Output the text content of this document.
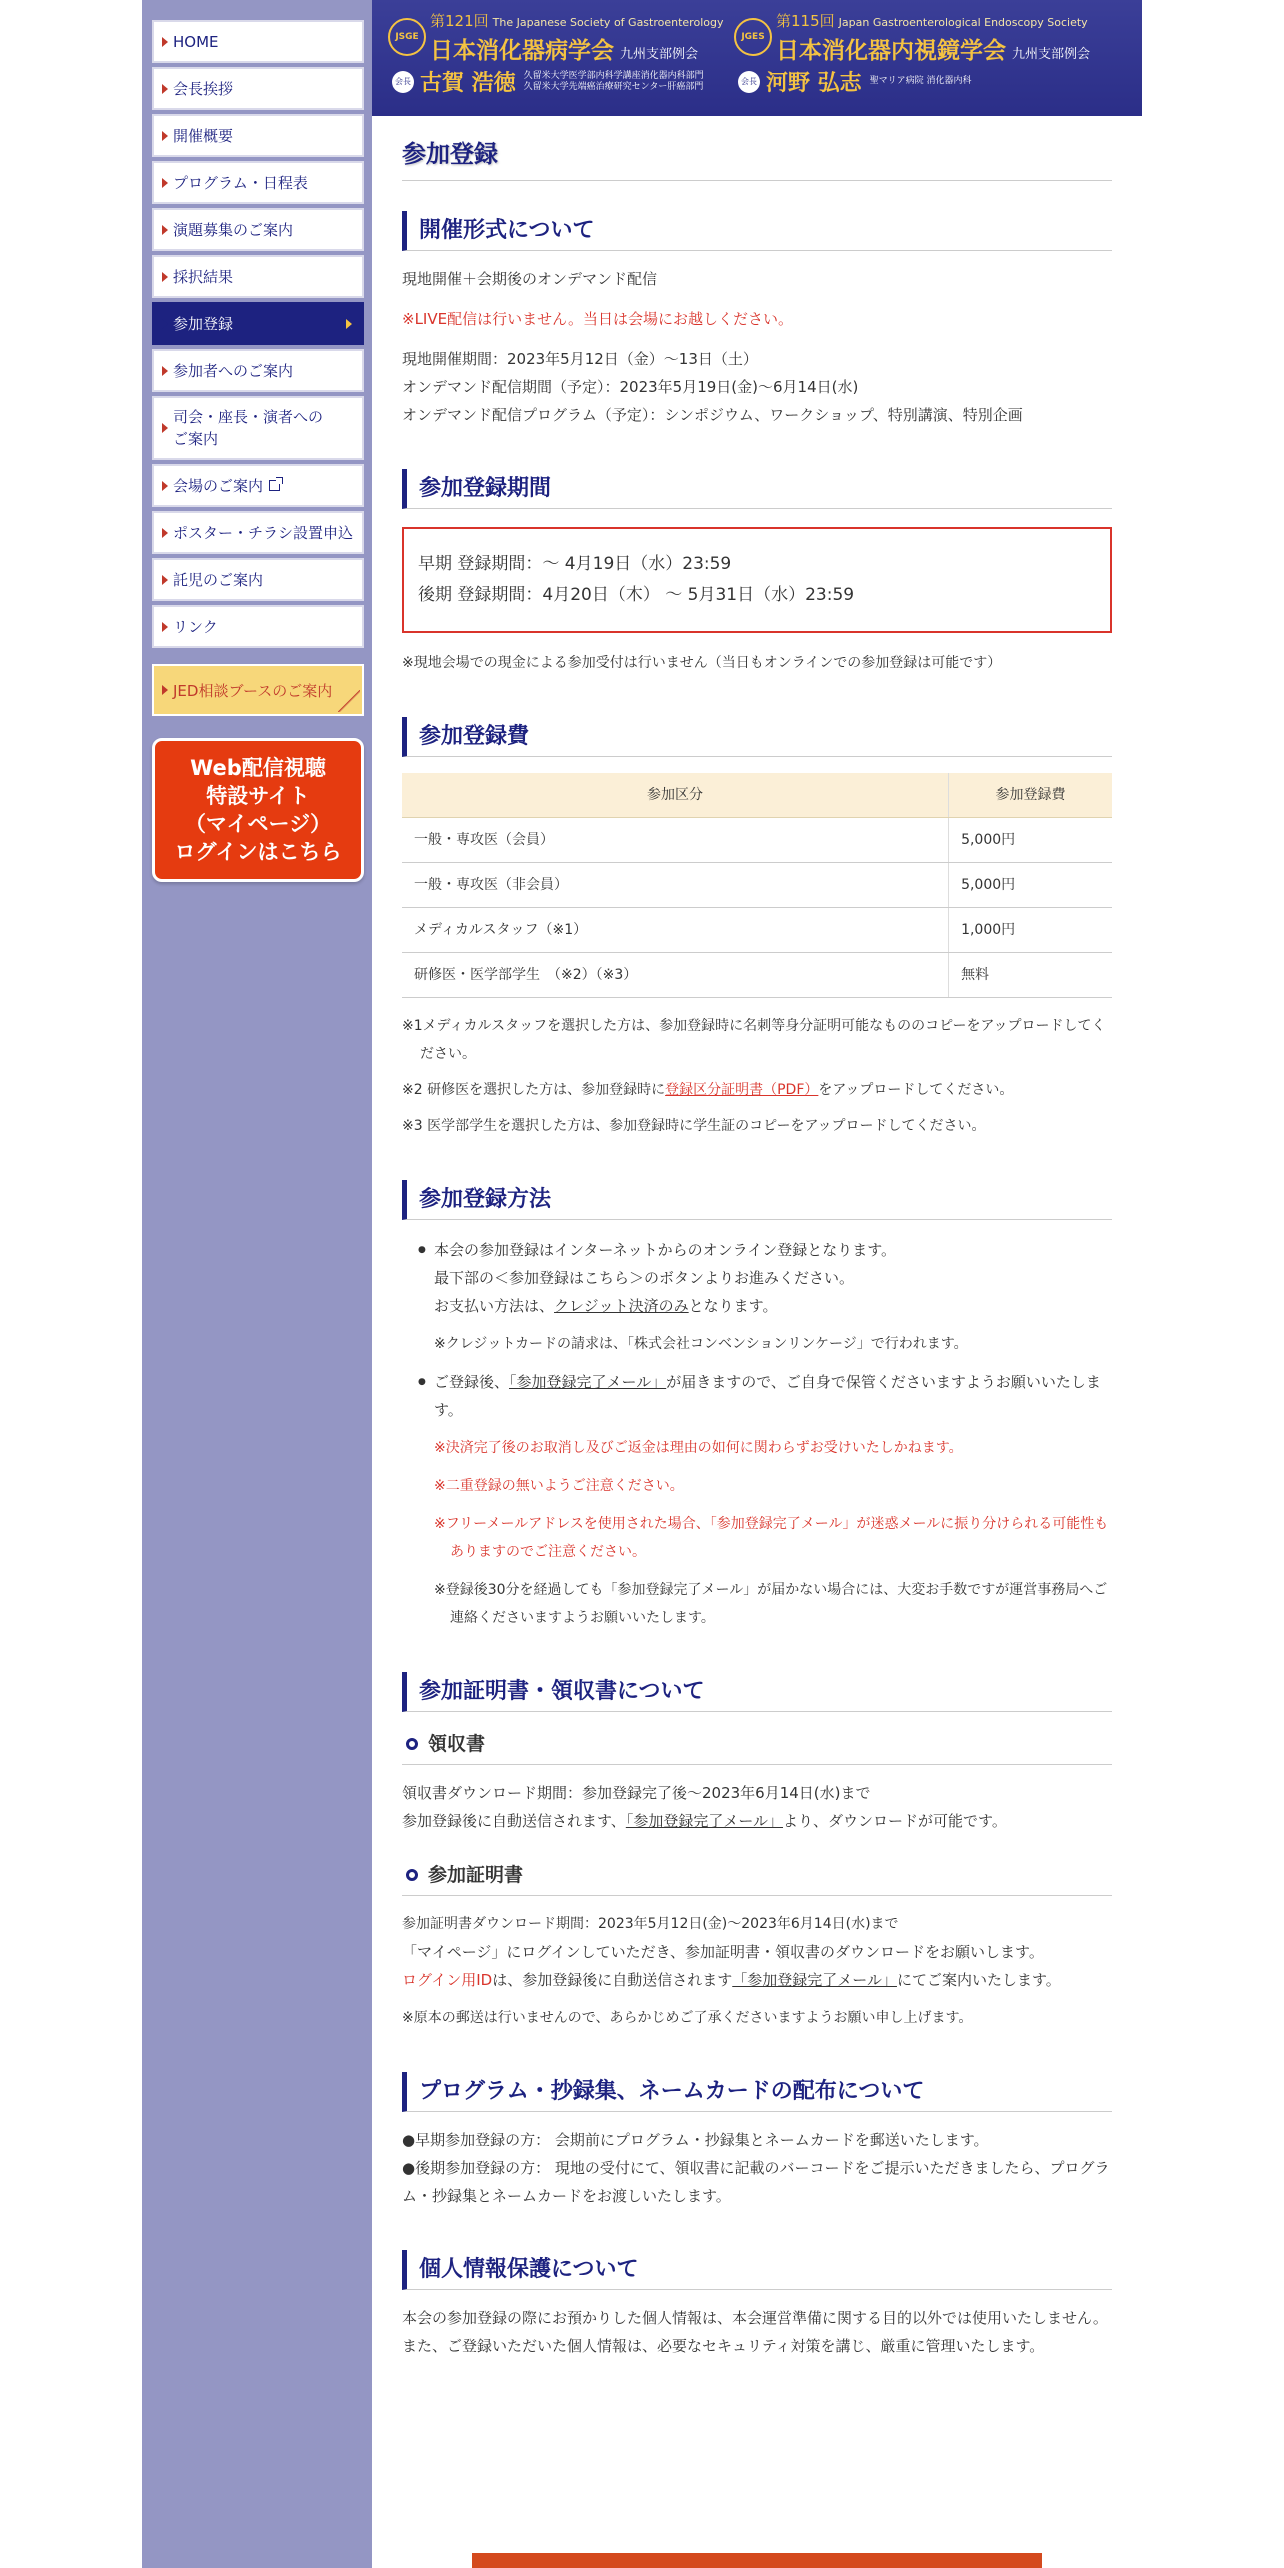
HOME
会長挨拶
開催概要
プログラム・日程表
演題募集のご案内
採択結果
参加登録
参加者へのご案内
司会・座長・演者への
ご案内
会場のご案内
ポスター・チラシ設置申込
託児のご案内
リンク
JED相談ブースのご案内
Web配信視聴
特設サイト
（マイページ）
ログインはこちら
JSGE
第121回 The Japanese Society of Gastroenterology
日本消化器病学会 九州支部例会
会長 古賀 浩徳 久留米大学医学部内科学講座消化器内科部門
久留米大学先端癌治療研究センター肝癌部門
JGES
第115回 Japan Gastroenterological Endoscopy Society
日本消化器内視鏡学会 九州支部例会
会長 河野 弘志 聖マリア病院 消化器内科
参加登録
開催形式について

現地開催＋会期後のオンデマンド配信

※LIVE配信は行いません。当日は会場にお越しください。

現地開催期間：2023年5月12日（金）～13日（土）

オンデマンド配信期間（予定）：2023年5月19日(金)～6月14日(水)

オンデマンド配信プログラム（予定）：シンポジウム、ワークショップ、特別講演、特別企画

参加登録期間

早期 登録期間：～ 4月19日（水）23:59

後期 登録期間：4月20日（木） ～ 5月31日（水）23:59

※現地会場での現金による参加受付は行いません（当日もオンラインでの参加登録は可能です）

参加登録費
参加区分	参加登録費
一般・専攻医（会員）	5,000円
一般・専攻医（非会員）	5,000円
メディカルスタッフ（※1）	1,000円
研修医・医学部学生　（※2）（※3）	無料

※1メディカルスタッフを選択した方は、参加登録時に名刺等身分証明可能なもののコピーをアップロードしてください。

※2 研修医を選択した方は、参加登録時に登録区分証明書（PDF）をアップロードしてください。

※3 医学部学生を選択した方は、参加登録時に学生証のコピーをアップロードしてください。

参加登録方法

● 本会の参加登録はインターネットからのオンライン登録となります。

最下部の＜参加登録はこちら＞のボタンよりお進みください。

お支払い方法は、クレジット決済のみとなります。

※クレジットカードの請求は、「株式会社コンベンションリンケージ」で行われます。

● ご登録後、「参加登録完了メール」が届きますので、ご自身で保管くださいますようお願いいたします。

※決済完了後のお取消し及びご返金は理由の如何に関わらずお受けいたしかねます。

※二重登録の無いようご注意ください。

※フリーメールアドレスを使用された場合、「参加登録完了メール」が迷惑メールに振り分けられる可能性もありますのでご注意ください。

※登録後30分を経過しても「参加登録完了メール」が届かない場合には、大変お手数ですが運営事務局へご連絡くださいますようお願いいたします。

参加証明書・領収書について
領収書

領収書ダウンロード期間：参加登録完了後～2023年6月14日(水)まで

参加登録後に自動送信されます、「参加登録完了メール」より、ダウンロードが可能です。

参加証明書

参加証明書ダウンロード期間：2023年5月12日(金)～2023年6月14日(水)まで

「マイページ」にログインしていただき、参加証明書・領収書のダウンロードをお願いします。

ログイン用IDは、参加登録後に自動送信されます「参加登録完了メール」にてご案内いたします。

※原本の郵送は行いませんので、あらかじめご了承くださいますようお願い申し上げます。

プログラム・抄録集、ネームカードの配布について

●早期参加登録の方： 会期前にプログラム・抄録集とネームカードを郵送いたします。

●後期参加登録の方： 現地の受付にて、領収書に記載のバーコードをご提示いただきましたら、プログラム・抄録集とネームカードをお渡しいたします。

個人情報保護について

本会の参加登録の際にお預かりした個人情報は、本会運営準備に関する目的以外では使用いたしません。また、ご登録いただいた個人情報は、必要なセキュリティ対策を講じ、厳重に管理いたします。
